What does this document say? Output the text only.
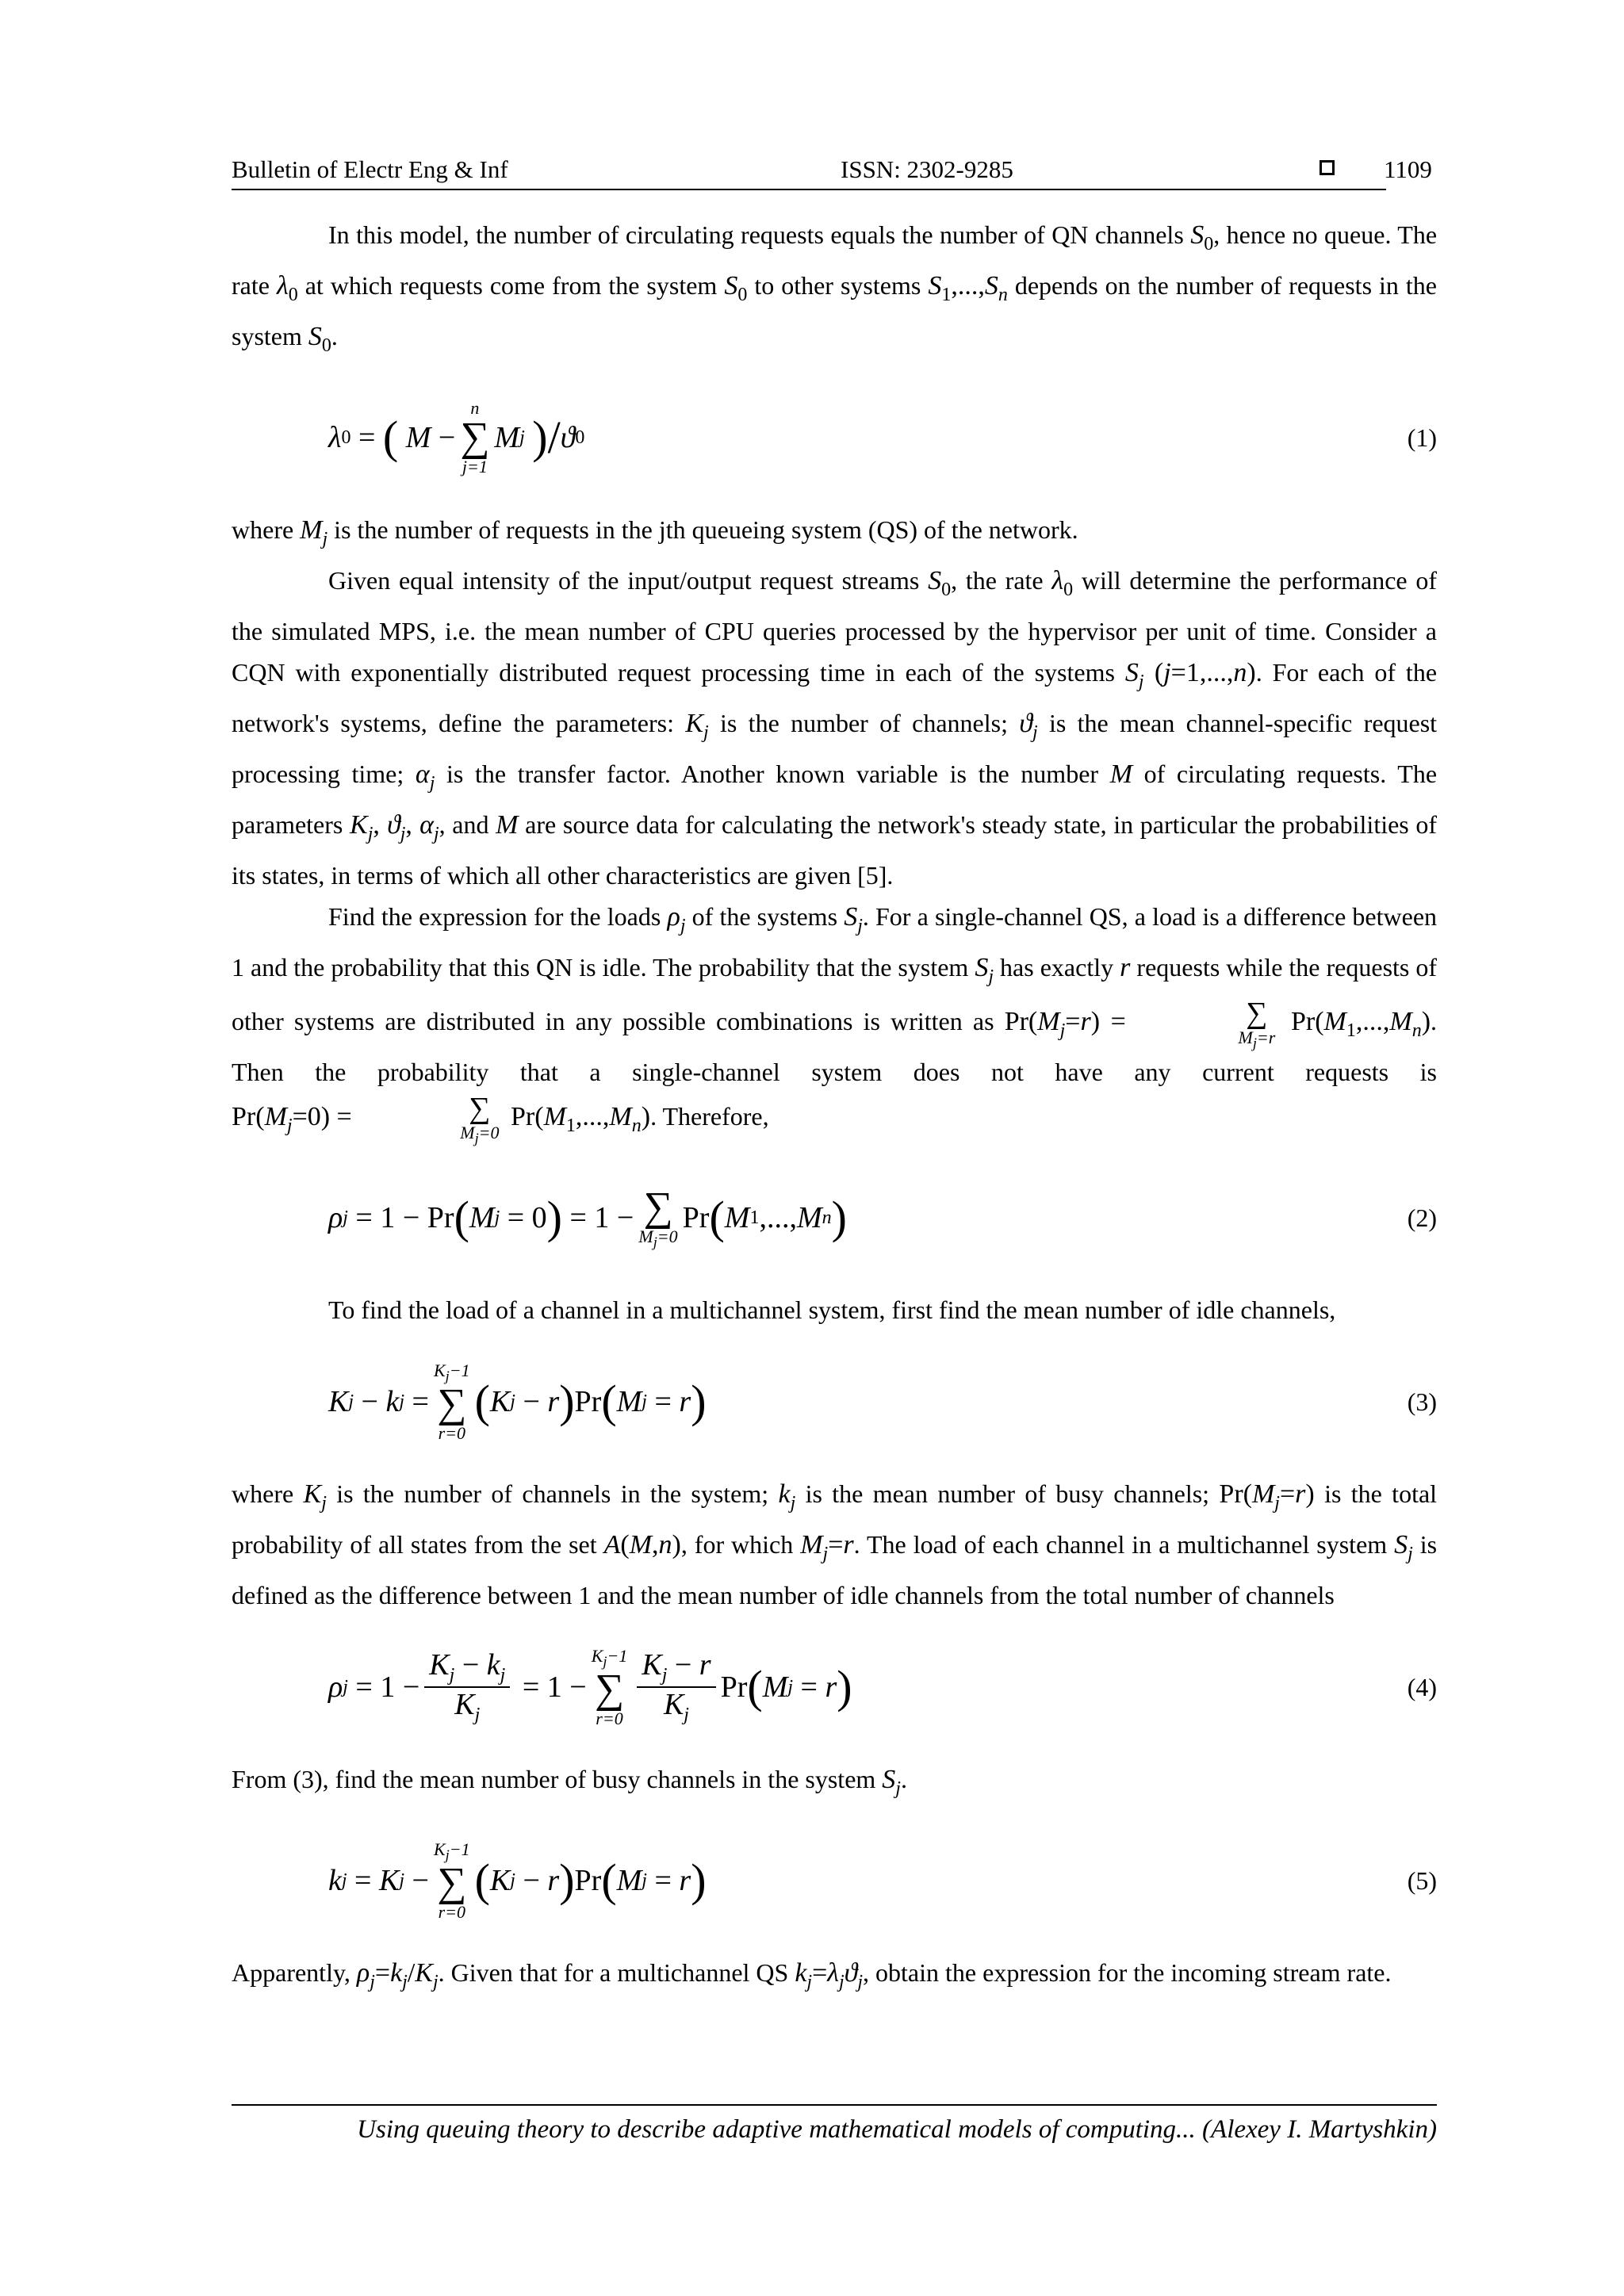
Bulletin of Electr Eng & Inf	ISSN: 2302-9285	1109

In this model, the number of circulating requests equals the number of QN channels $S_0$, hence no queue. The rate $\lambda_0$ at which requests come from the system $S_0$ to other systems $S_1,...,S_n$ depends on the number of requests in the system $S_0$.

λ 0 = (
M −
n
∑
j=1
M j
) / ϑ 0	(1)

where $M_j$ is the number of requests in the jth queueing system (QS) of the network.

Given equal intensity of the input/output request streams $S_0$, the rate $\lambda_0$ will determine the performance of the simulated MPS, i.e. the mean number of CPU queries processed by the hypervisor per unit of time. Consider a CQN with exponentially distributed request processing time in each of the systems $S_j$ (j=1,...,n). For each of the network's systems, define the parameters: $K_j$ is the number of channels; $ϑ_j$ is the mean channel-specific request processing time; $\alpha_j$ is the transfer factor. Another known variable is the number M of circulating requests. The parameters $K_j$, $ϑ_j$, $\alpha_j$, and M are source data for calculating the network's steady state, in particular the probabilities of its states, in terms of which all other characteristics are given [5].

Find the expression for the loads $\rho_j$ of the systems $S_j$. For a single-channel QS, a load is a difference between 1 and the probability that this QN is idle. The probability that the system $S_j$ has exactly r requests while the requests of other systems are distributed in any possible combinations is written as $Pr(M_j=r)$ =	∑
$M_j=r$
$Pr(M_1,...,M_n)$. Then the probability that a single-channel system does not have any current requests is $Pr(M_j=0)$ =	∑
$M_j=0$
$Pr(M_1,...,M_n)$. Therefore,

ρ j = 1 − Pr ( M j = 0 ) = 1 − ∑
$M_j=0$
Pr ( M 1 ,..., M n )	(2)

To find the load of a channel in a multichannel system, first find the mean number of idle channels,

K j − k j =
$K_j-1$
∑
r=0
( K j − r ) Pr ( M j = r )	(3)

where $K_j$ is the number of channels in the system; $k_j$ is the mean number of busy channels; $Pr(M_j=r)$ is the total probability of all states from the set A(M,n), for which $M_j=r$. The load of each channel in a multichannel system $S_j$ is defined as the difference between 1 and the mean number of idle channels from the total number of channels

ρ $j = 1 - \frac{K_j - k_j}{K_j} = 1$ −
$K_j-1$
∑
$r=0 \frac{K_j - r}{K_j}$ Pr ( M j = r )	(4)

From (3), find the mean number of busy channels in the system $S_j$.

k j = K j −
$K_j-1$
∑
r=0
( K j − r ) Pr ( M j = r )	(5)

Apparently, $\rho_j=k_j/K_j$. Given that for a multichannel QS $k_j=\lambda_jϑ_j$, obtain the expression for the incoming stream rate.

Using queuing theory to describe adaptive mathematical models of computing... (Alexey I. Martyshkin)
